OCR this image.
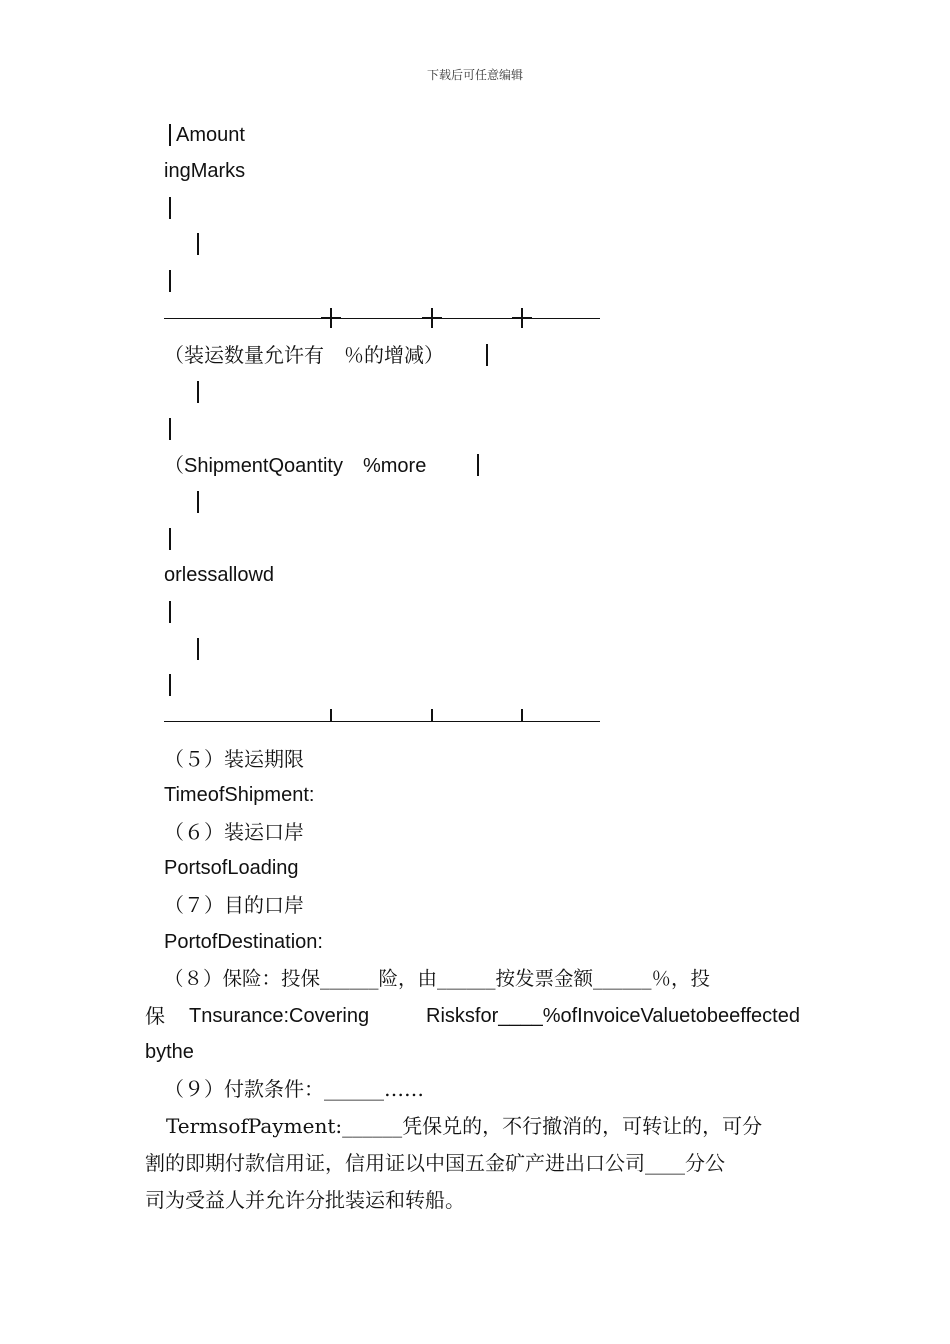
下载后可任意编辑
Amount
ingMarks
（装运数量允许有　％的增减）
（ShipmentQoantity　%more
orlessallowd
（５）装运期限
TimeofShipment:
（６）装运口岸
PortsofLoading
（７）目的口岸
PortofDestination:
（８）保险：投保______险，由______按发票金额______％，投
保 Tnsurance:Covering	Risksfor____%ofInvoiceValuetobeeffected
bythe
（９）付款条件：______……
TermsofPayment:______凭保兑的，不行撤消的，可转让的，可分
割的即期付款信用证，信用证以中国五金矿产进出口公司____分公
司为受益人并允许分批装运和转船。
